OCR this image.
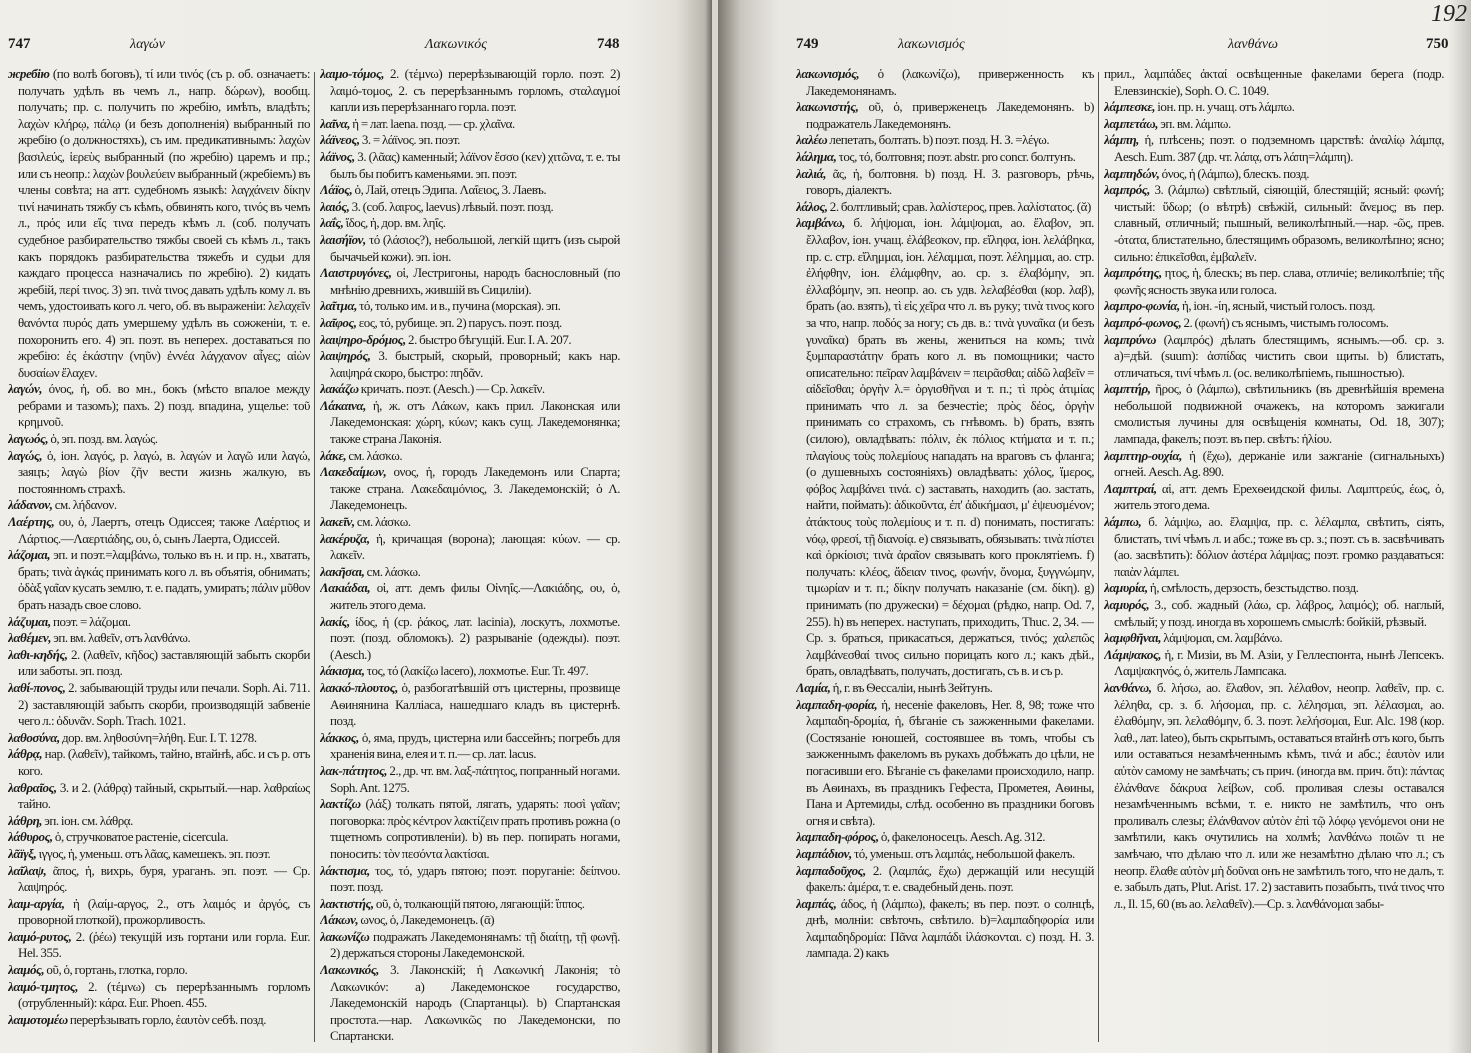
747	λαγών	Λακωνικός	748

жребію (по волѣ боговъ), τί или τινός (съ р. об. означаетъ: получать удѣлъ въ чемъ л., напр. δώρων), вообщ. получать; пр. с. получить по жребію, имѣть, владѣть; λαχὼν κλήρῳ, πάλῳ (и безъ дополненія) выбранный по жребію (о должностяхъ), съ им. предикативнымъ: λαχὼν βασιλεύς, ἱερεὺς выбранный (по жребію) царемъ и пр.; или съ неопр.: λαχὼν βουλεύειν выбранный (жребіемъ) въ члены совѣта; на атт. судебномъ языкѣ: λαγχάνειν δίκην τινί начинать тяжбу съ кѣмъ, обвинять кого, τινός въ чемъ л., πρός или εἴς τινα передъ кѣмъ л. (соб. получать судебное разбирательство тяжбы своей съ кѣмъ л., такъ какъ порядокъ разбирательства тяжебъ и судьи для каждаго процесса назначались по жребію). 2) кидать жребій, περί τινος. 3) эп. τινὰ τινος давать удѣлъ кому л. въ чемъ, удостоивать кого л. чего, об. въ выраженіи: λελαχεῖν θανόντα πυρός дать умершему удѣлъ въ сожженіи, т. е. похоронить его. 4) эп. поэт. въ неперех. доставаться по жребію: ἐς ἑκάστην (νηῦν) ἐννέα λάγχανον αἶγες; αἰὼν δυσαίων ἔλαχεν.

λαγών, όνος, ἡ, об. во мн., бокъ (мѣсто впалое между ребрами и тазомъ); пахъ. 2) позд. впадина, ущелье: τοῦ κρημνοῦ.

λαγωός, ὁ, эп. позд. вм. λαγώς.

λαγώς, ὁ, іон. λαγός, р. λαγώ, в. λαγών и λαγῶ или λαγώ, заяцъ; λαγὼ βίον ζῆν вести жизнь жалкую, въ постоянномъ страхѣ.

λάδανον, см. λήδανον.

Λαέρτης, ου, ὁ, Лаертъ, отецъ Одиссея; также Λαέρτιος и Λάρτιος.—Λαερτιάδης, ου, ὁ, сынъ Лаерта, Одиссей.

λάζομαι, эп. и поэт.=λαμβάνω, только въ н. и пр. н., хватать, брать; τινὰ ἀγκάς принимать кого л. въ объятія, обнимать; ὀδὰξ γαῖαν кусать землю, т. е. падать, умирать; πάλιν μῦθον брать назадъ свое слово.

λάζυμαι, поэт. = λάζομαι.

λαθέμεν, эп. вм. λαθεῖν, отъ λανθάνω.

λαθι-κηδής, 2. (λαθεῖν, κῆδος) заставляющій забыть скорби или заботы. эп. позд.

λαθί-πονος, 2. забывающій труды или печали. Soph. Ai. 711. 2) заставляющій забыть скорби, производящій забвеніе чего л.: ὀδυνᾶν. Soph. Trach. 1021.

λαθοσύνα, дор. вм. ληθοσύνη=λήθη. Eur. I. T. 1278.

λάθρᾳ, нар. (λαθεῖν), тайкомъ, тайно, втайнѣ, абс. и съ р. отъ кого.

λαθραῖος, 3. и 2. (λάθρᾳ) тайный, скрытый.—нар. λαθραίως тайно.

λάθρη, эп. іон. см. λάθρᾳ.

λάθυρος, ὁ, стручковатое растеніе, cicercula.

λᾶϊγξ, ιγγος, ἡ, уменьш. отъ λᾶας, камешекъ. эп. поэт.

λαῖλαψ, ᾶπος, ἡ, вихрь, буря, ураганъ. эп. поэт. — Ср. λαιψηρός.

λαιμ-αργία, ἡ (λαίμ-αργος, 2., отъ λαιμός и ἀργός, съ проворной глоткой), прожорливость.

λαιμό-ρυτος, 2. (ῥέω) текущій изъ гортани или горла. Eur. Hel. 355.

λαιμός, οῦ, ὁ, гортань, глотка, горло.

λαιμό-τμητος, 2. (τέμνω) съ перерѣзаннымъ горломъ (отрубленный): κάρα. Eur. Phoen. 455.

λαιμοτομέω перерѣзывать горло, ἑαυτὸν себѣ. позд.

λαιμο-τόμος, 2. (τέμνω) перерѣзывающій горло. поэт. 2) λαιμό-τομος, 2. съ перерѣзаннымъ горломъ, σταλαγμοί капли изъ перерѣзаннаго горла. поэт.

λαῖνα, ἡ = лат. laena. позд. — ср. χλαῖνα.

λάϊνεος, 3. = λάϊνος. эп. поэт.

λάϊνος, 3. (λᾶας) каменный; λάϊνον ἕσσο (κεν) χιτῶνα, т. е. ты былъ бы побитъ каменьями. эп. поэт.

Λάϊος, ὁ, Лай, отецъ Эдипа. Λαΐειος, 3. Лаевъ.

λαιός, 3. (соб. λαιϝος, laevus) лѣвый. поэт. позд.

λαΐς, ἴδος, ἡ, дор. вм. ληΐς.

λαισήϊον, τό (λάσιος?), небольшой, легкій щитъ (изъ сырой бычачьей кожи). эп. іон.

Λαιστρυγόνες, οἱ, Лестригоны, народъ баснословный (по мнѣнію древнихъ, жившій въ Сициліи).

λαῖτμα, τό, только им. и в., пучина (морская). эп.

λαῖφος, εος, τό, рубище. эп. 2) парусъ. поэт. позд.

λαιψηρο-δρόμος, 2. быстро бѣгущій. Eur. I. A. 207.

λαιψηρός, 3. быстрый, скорый, проворный; какъ нар. λαιψηρά скоро, быстро: πηδᾶν.

λακάζω кричать. поэт. (Aesch.) — Ср. λακεῖν.

Λάκαινα, ἡ, ж. отъ Λάκων, какъ прил. Лаконская или Лакедемонская: χώρη, κύων; какъ сущ. Лакедемонянка; также страна Лаконія.

λάκε, см. λάσκω.

Λακεδαίμων, ονος, ἡ, городъ Лакедемонъ или Спарта; также страна. Λακεδαιμόνιος, 3. Лакедемонскій; ὁ Λ. Лакедемонецъ.

λακεῖν, см. λάσκω.

λακέρυζα, ἡ, кричащая (ворона); лающая: κύων. — ср. λακεῖν.

λακῆσαι, см. λάσκω.

Λακιάδαι, οἱ, атт. демъ филы Οἰνηΐς.—Λακιάδης, ου, ὁ, житель этого дема.

λακίς, ίδος, ἡ (ср. ῥάκος, лат. lacinia), лоскутъ, лохмотье. поэт. (позд. обломокъ). 2) разрываніе (одежды). поэт. (Aesch.)

λάκισμα, τος, τό (λακίζω lacero), лохмотье. Eur. Tr. 497.

λακκό-πλουτος, ὁ, разбогатѣвшій отъ цистерны, прозвище Аѳинянина Калліаса, нашедшаго кладъ въ цистернѣ. позд.

λάκκος, ὁ, яма, прудъ, цистерна или бассейнъ; погребъ для храненія вина, елея и т. п.— ср. лат. lacus.

λακ-πάτητος, 2., др. чт. вм. λαξ-πάτητος, попранный ногами. Soph. Ant. 1275.

λακτίζω (λάξ) толкать пятой, лягать, ударять: ποσὶ γαῖαν; поговорка: πρὸς κέντρον λακτίζειν прать противъ рожна (о тщетномъ сопротивленіи). b) въ пер. попирать ногами, поносить: τὸν πεσόντα λακτίσαι.

λάκτισμα, τος, τό, ударъ пятою; поэт. поруганіе: δείπνου. поэт. позд.

λακτιστής, οῦ, ὁ, толкающій пятою, лягающій: ἵππος.

Λάκων, ωνος, ὁ, Лакедемонецъ. (ᾱ)

λακωνίζω подражать Лакедемонянамъ: τῇ διαίτῃ, τῇ φωνῇ. 2) держаться стороны Лакедемонской.

Λακωνικός, 3. Лаконскій; ἡ Λακωνική Лаконія; τὸ Λακωνικόν: а) Лакедемонское государство, Лакедемонскій народъ (Спартанцы). b) Спартанская простота.—нар. Λακωνικῶς по Лакедемонски, по Спартански.

749	λακωνισμός	λανθάνω	750
192

λακωνισμός, ὁ (λακωνίζω), приверженность къ Лакедемонянамъ.

λακωνιστής, οῦ, ὁ, приверженецъ Лакедемонянъ. b) подражатель Лакедемонянъ.

λαλέω лепетать, болтать. b) поэт. позд. Н. З. =λέγω.

λάλημα, τος, τό, болтовня; поэт. abstr. pro concr. болтунъ.

λαλιά, ᾶς, ἡ, болтовня. b) позд. Н. З. разговоръ, рѣчь, говоръ, діалектъ.

λάλος, 2. болтливый; срав. λαλίστερος, прев. λαλίστατος. (ᾰ)

λαμβάνω, б. λήψομαι, іон. λάμψομαι, ао. ἔλαβον, эп. ἔλλαβον, іон. учащ. ἐλάβεσκον, пр. εἴληφα, іон. λελάβηκα, пр. с. стр. εἴλημμαι, іон. λέλαμμαι, поэт. λέλημμαι, ао. стр. ἐλήφθην, іон. ἐλάμφθην, ао. ср. з. ἐλαβόμην, эп. ἐλλαβόμην, эп. неопр. ао. съ удв. λελαβέσθαι (кор. λαβ), брать (ао. взять), τὶ εἰς χεῖρα что л. въ руку; τινὰ τινος кого за что, напр. ποδός за ногу; съ дв. в.: τινὰ γυναῖκα (и безъ γυναῖκα) брать въ жены, жениться на комъ; τινὰ ξυμπαραστάτην брать кого л. въ помощники; часто описательно: πεῖραν λαμβάνειν = πειρᾶσθαι; αἰδῶ λαβεῖν = αἰδεῖσθαι; ὀργὴν λ.= ὀργισθῆναι и т. п.; τὶ πρὸς ἀτιμίας принимать что л. за безчестіе; πρὸς δέος, ὀργὴν принимать со страхомъ, съ гнѣвомъ. b) брать, взять (силою), овладѣвать: πόλιν, ἐκ πόλιος κτήματα и т. п.; πλαγίους τοὺς πολεμίους нападать на враговъ съ фланга; (о душевныхъ состояніяхъ) овладѣвать: χόλος, ἵμερος, φόβος λαμβάνει τινά. c) заставать, находить (ао. застать, найти, поймать): ἀδικοῦντα, ἐπ' ἀδικήμασι, μ' ἐψευσμένον; ἀτάκτους τοὺς πολεμίους и т. п. d) понимать, постигать: νόῳ, φρεσί, τῇ διανοίᾳ. e) связывать, обязывать: τινὰ πίστει καὶ ὁρκίοισι; τινὰ ἀραῖον связывать кого проклятіемъ. f) получать: κλέος, ἄδειαν τινος, φωνήν, ὄνομα, ξυγγνώμην, τιμωρίαν и т. п.; δίκην получать наказаніе (см. δίκη). g) принимать (по дружески) = δέχομαι (рѣдко, напр. Od. 7, 255). h) въ неперех. наступать, приходить, Thuc. 2, 34. — Ср. з. браться, прикасаться, держаться, τινός; χαλεπῶς λαμβάνεσθαί τινος сильно порицать кого л.; какъ дѣй., брать, овладѣвать, получать, достигать, съ в. и съ р.

Λαμία, ἡ, г. въ Ѳессаліи, нынѣ Зейтунъ.

λαμπαδη-φορία, ἡ, несеніе факеловъ, Her. 8, 98; тоже что λαμπαδη-δρομία, ἡ, бѣганіе съ зажженными факелами. (Состязаніе юношей, состоявшее въ томъ, чтобы съ зажженнымъ факеломъ въ рукахъ добѣжать до цѣли, не погасивши его. Бѣганіе съ факелами происходило, напр. въ Аѳинахъ, въ праздникъ Гефеста, Прометея, Аѳины, Пана и Артемиды, слѣд. особенно въ праздники боговъ огня и свѣта).

λαμπαδη-φόρος, ὁ, факелоносецъ. Aesch. Ag. 312.

λαμπάδιον, τό, уменьш. отъ λαμπάς, небольшой факелъ.

λαμπαδοῦχος, 2. (λαμπάς, ἔχω) держащій или несущій факелъ: ἁμέρα, т. е. свадебный день. поэт.

λαμπάς, άδος, ἡ (λάμπω), факелъ; въ пер. поэт. о солнцѣ, днѣ, молніи: свѣточъ, свѣтило. b)=λαμπαδηφορία или λαμπαδηδρομία: Πᾶνα λαμπάδι ἱλάσκονται. c) позд. Н. З. лампада. 2) какъ

прил., λαμπάδες ἀκταί освѣщенные факелами берега (подр. Елевзинскіе), Soph. O. C. 1049.

λάμπεσκε, іон. пр. н. учащ. отъ λάμπω.

λαμπετάω, эп. вм. λάμπω.

λάμπη, ἡ, плѣсень; поэт. о подземномъ царствѣ: ἀναλίῳ λάμπᾳ, Aesch. Eum. 387 (др. чт. λάπᾳ, отъ λάπη=λάμπη).

λαμπηδών, όνος, ἡ (λάμπω), блескъ. позд.

λαμπρός, 3. (λάμπω) свѣтлый, сіяющій, блестящій; ясный: φωνή; чистый: ὕδωρ; (о вѣтрѣ) свѣжій, сильный: ἄνεμος; въ пер. славный, отличный; пышный, великолѣпный.—нар. -ῶς, прев. -ότατα, блистательно, блестящимъ образомъ, великолѣпно; ясно; сильно: ἐπικεῖσθαι, ἐμβαλεῖν.

λαμπρότης, ητος, ἡ, блескъ; въ пер. слава, отличіе; великолѣпіе; τῆς φωνῆς ясность звука или голоса.

λαμπρο-φωνία, ἡ, іон. -ίη, ясный, чистый голосъ. позд.

λαμπρό-φωνος, 2. (φωνή) съ яснымъ, чистымъ голосомъ.

λαμπρύνω (λαμπρός) дѣлать блестящимъ, яснымъ.—об. ср. з. а)=дѣй. (suum): ἀσπίδας чистить свои щиты. b) блистать, отличаться, τινί чѣмъ л. (ос. великолѣпіемъ, пышностью).

λαμπτήρ, ῆρος, ὁ (λάμπω), свѣтильникъ (въ древнѣйшія времена небольшой подвижной очажекъ, на которомъ зажигали смолистыя лучины для освѣщенія комнаты, Od. 18, 307); лампада, факелъ; поэт. въ пер. свѣтъ: ἡλίου.

λαμπτηρ-ουχία, ἡ (ἔχω), держаніе или зажганіе (сигнальныхъ) огней. Aesch. Ag. 890.

Λαμπτραί, αἱ, атт. демъ Ерехѳеидской филы. Λαμπτρεύς, έως, ὁ, житель этого дема.

λάμπω, б. λάμψω, ао. ἔλαμψα, пр. с. λέλαμπα, свѣтить, сіять, блистать, τινί чѣмъ л. и абс.; тоже въ ср. з.; поэт. съ в. засвѣчивать (ао. засвѣтить): δόλιον ἀστέρα λάμψας; поэт. громко раздаваться: παιὰν λάμπει.

λαμυρία, ἡ, смѣлость, дерзость, безстыдство. позд.

λαμυρός, 3., соб. жадный (λάω, ср. λάβρος, λαιμός); об. наглый, смѣлый; у позд. иногда въ хорошемъ смыслѣ: бойкій, рѣзвый.

λαμφθῆναι, λάμψομαι, см. λαμβάνω.

Λάμψακος, ἡ, г. Мизіи, въ М. Азіи, у Геллеспонта, нынѣ Лепсекъ. Λαμψακηνός, ὁ, житель Лампсака.

λανθάνω, б. λήσω, ао. ἔλαθον, эп. λέλαθον, неопр. λαθεῖν, пр. с. λέληθα, ср. з. б. λήσομαι, пр. с. λέλησμαι, эп. λέλασμαι, ао. ἐλαθόμην, эп. λελαθόμην, б. 3. поэт. λελήσομαι, Eur. Alc. 198 (кор. λαθ., лат. lateo), быть скрытымъ, оставаться втайнѣ отъ кого, быть или оставаться незамѣченнымъ кѣмъ, τινά и абс.; ἑαυτὸν или αὐτὸν самому не замѣчать; съ прич. (иногда вм. прич. ὅτι): πάντας ἐλάνθανε δάκρυα λείβων, соб. проливая слезы оставался незамѣченнымъ всѣми, т. е. никто не замѣтилъ, что онъ проливалъ слезы; ἐλάνθανον αὐτὸν ἐπὶ τῷ λόφῳ γενόμενοι они не замѣтили, какъ очутились на холмѣ; λανθάνω ποιῶν τι не замѣчаю, что дѣлаю что л. или же незамѣтно дѣлаю что л.; съ неопр. ἔλαθε αὐτὸν μὴ δοῦναι онъ не замѣтилъ того, что не далъ, т. е. забылъ дать, Plut. Arist. 17. 2) заставить позабыть, τινά τινος что л., Il. 15, 60 (въ ао. λελαθεῖν).—Ср. з. λανθάνομαι забы-
